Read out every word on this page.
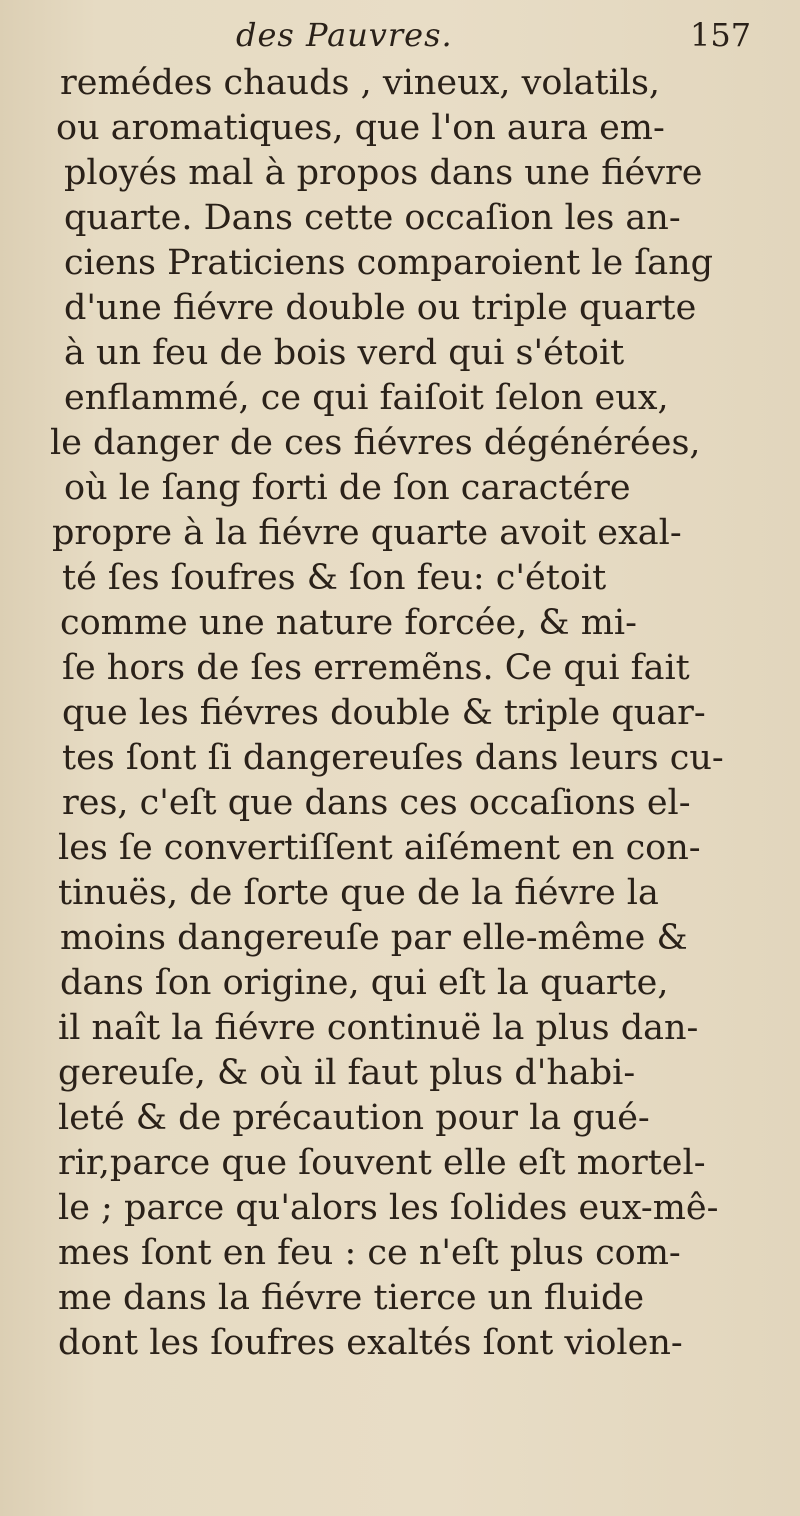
des Pauvres.	157
remédes chauds , vineux, volatils,
ou aromatiques, que l'on aura em-
ployés mal à propos dans une fiévre
quarte. Dans cette occaſion les an-
ciens Praticiens comparoient le ſang
d'une fiévre double ou triple quarte
à un feu de bois verd qui s'étoit
enflammé, ce qui faiſoit ſelon eux,
le danger de ces fiévres dégénérées,
où le ſang forti de ſon caractére
propre à la fiévre quarte avoit exal-
té ſes ſoufres & ſon feu: c'étoit
comme une nature forcée, & mi-
ſe hors de ſes erremẽns. Ce qui fait
que les fiévres double & triple quar-
tes ſont ſi dangereuſes dans leurs cu-
res, c'eſt que dans ces occaſions el-
les ſe convertiſſent aiſément en con-
tinuës, de ſorte que de la fiévre la
moins dangereuſe par elle-même &
dans ſon origine, qui eſt la quarte,
il naît la fiévre continuë la plus dan-
gereuſe, & où il faut plus d'habi-
leté & de précaution pour la gué-
rir,parce que ſouvent elle eſt mortel-
le ; parce qu'alors les ſolides eux-mê-
mes ſont en feu : ce n'eſt plus com-
me dans la fiévre tierce un fluide
dont les ſoufres exaltés ſont violen-
